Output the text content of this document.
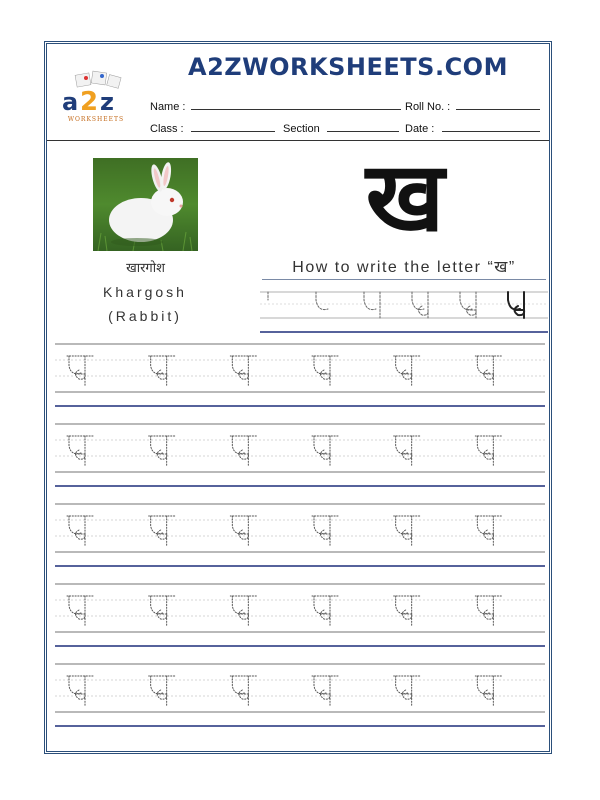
a 2 z
WORKSHEETS
A2ZWORKSHEETS.COM
Name :	Roll No. :
Class :	Section	Date :
खारगोश
Khargosh
(Rabbit)
ख
How to write the letter “ख”
